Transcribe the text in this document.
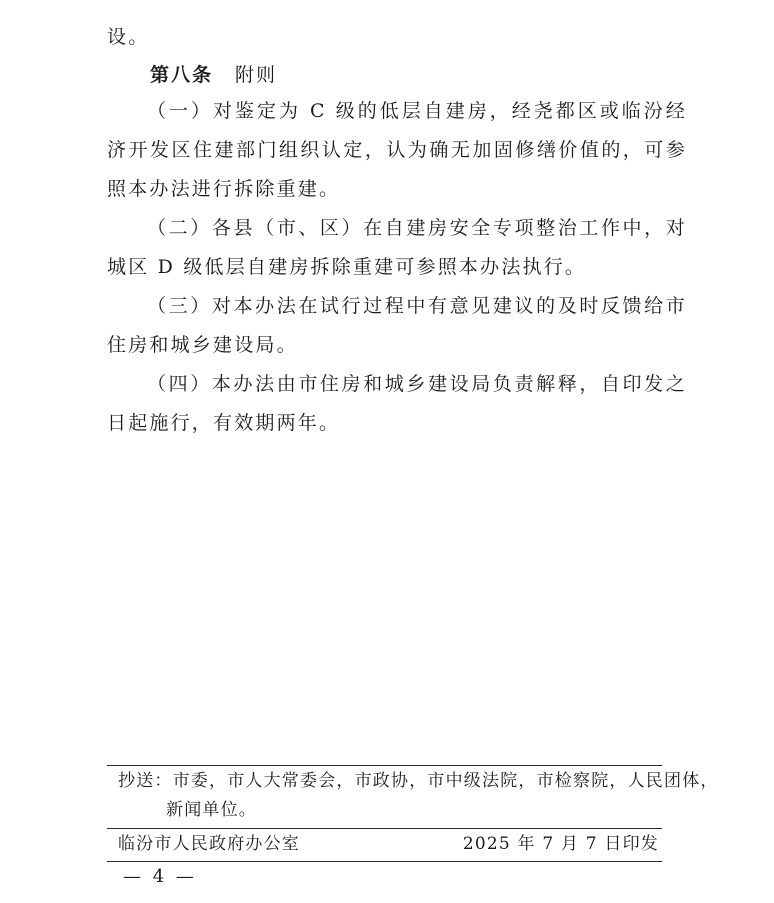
设。

第八条 附则

（一）对鉴定为 C 级的低层自建房，经尧都区或临汾经济开发区住建部门组织认定，认为确无加固修缮价值的，可参照本办法进行拆除重建。

（二）各县（市、区）在自建房安全专项整治工作中，对城区 D 级低层自建房拆除重建可参照本办法执行。

（三）对本办法在试行过程中有意见建议的及时反馈给市住房和城乡建设局。

（四）本办法由市住房和城乡建设局负责解释，自印发之日起施行，有效期两年。

抄送：市委，市人大常委会，市政协，市中级法院，市检察院，人民团体，
新闻单位。
临汾市人民政府办公室	2025 年 7 月 7 日印发
— 4 —
